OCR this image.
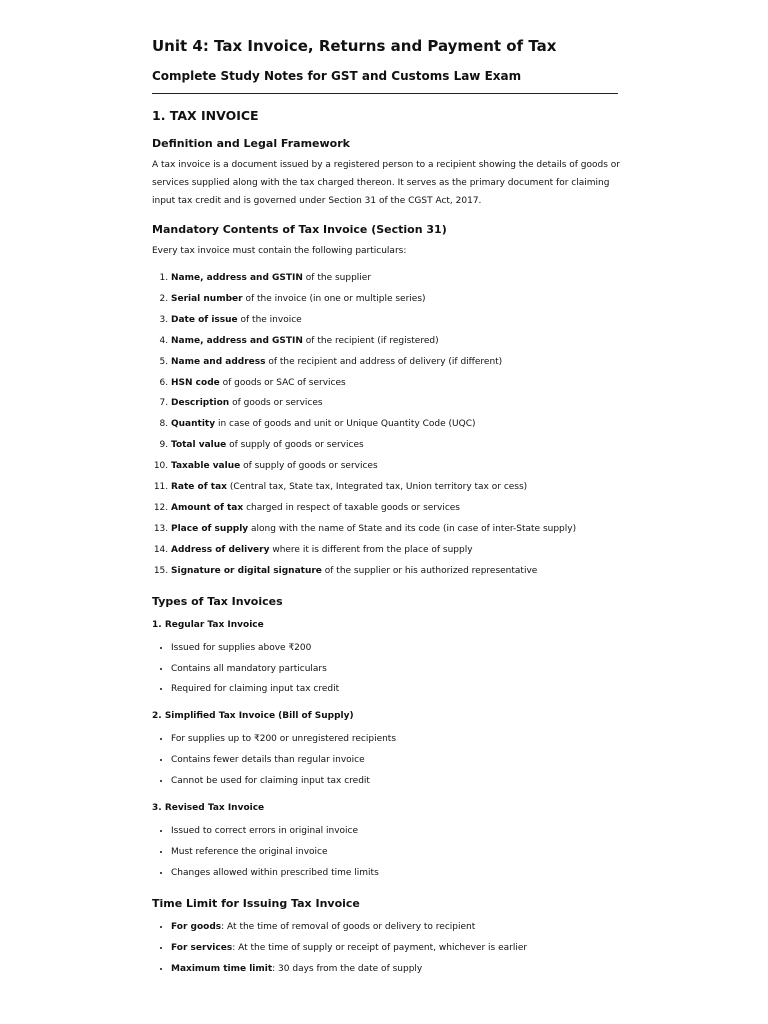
Unit 4: Tax Invoice, Returns and Payment of Tax
Complete Study Notes for GST and Customs Law Exam
1. TAX INVOICE
Definition and Legal Framework

A tax invoice is a document issued by a registered person to a recipient showing the details of goods or services supplied along with the tax charged thereon. It serves as the primary document for claiming input tax credit and is governed under Section 31 of the CGST Act, 2017.

Mandatory Contents of Tax Invoice (Section 31)

Every tax invoice must contain the following particulars:

1. Name, address and GSTIN of the supplier
2. Serial number of the invoice (in one or multiple series)
3. Date of issue of the invoice
4. Name, address and GSTIN of the recipient (if registered)
5. Name and address of the recipient and address of delivery (if different)
6. HSN code of goods or SAC of services
7. Description of goods or services
8. Quantity in case of goods and unit or Unique Quantity Code (UQC)
9. Total value of supply of goods or services
10. Taxable value of supply of goods or services
11. Rate of tax (Central tax, State tax, Integrated tax, Union territory tax or cess)
12. Amount of tax charged in respect of taxable goods or services
13. Place of supply along with the name of State and its code (in case of inter-State supply)
14. Address of delivery where it is different from the place of supply
15. Signature or digital signature of the supplier or his authorized representative
Types of Tax Invoices
1. Regular Tax Invoice
• Issued for supplies above ₹200
• Contains all mandatory particulars
• Required for claiming input tax credit
2. Simplified Tax Invoice (Bill of Supply)
• For supplies up to ₹200 or unregistered recipients
• Contains fewer details than regular invoice
• Cannot be used for claiming input tax credit
3. Revised Tax Invoice
• Issued to correct errors in original invoice
• Must reference the original invoice
• Changes allowed within prescribed time limits
Time Limit for Issuing Tax Invoice
• For goods: At the time of removal of goods or delivery to recipient
• For services: At the time of supply or receipt of payment, whichever is earlier
• Maximum time limit: 30 days from the date of supply
